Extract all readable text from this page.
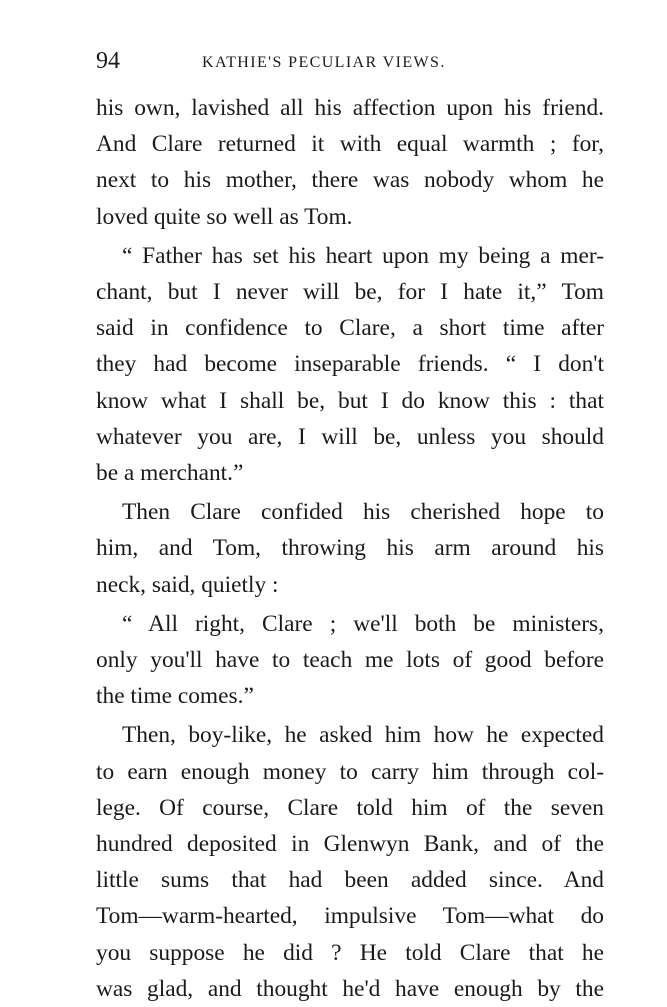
94	KATHIE'S PECULIAR VIEWS.
his own, lavished all his affection upon his friend.
And Clare returned it with equal warmth ; for,
next to his mother, there was nobody whom he
loved quite so well as Tom.
“ Father has set his heart upon my being a mer-
chant, but I never will be, for I hate it,” Tom
said in confidence to Clare, a short time after
they had become inseparable friends. “ I don't
know what I shall be, but I do know this : that
whatever you are, I will be, unless you should
be a merchant.”
Then Clare confided his cherished hope to
him, and Tom, throwing his arm around his
neck, said, quietly :
“ All right, Clare ; we'll both be ministers,
only you'll have to teach me lots of good before
the time comes.”
Then, boy-like, he asked him how he expected
to earn enough money to carry him through col-
lege. Of course, Clare told him of the seven
hundred deposited in Glenwyn Bank, and of the
little sums that had been added since. And
Tom—warm-hearted, impulsive Tom—what do
you suppose he did ? He told Clare that he
was glad, and thought he'd have enough by the
